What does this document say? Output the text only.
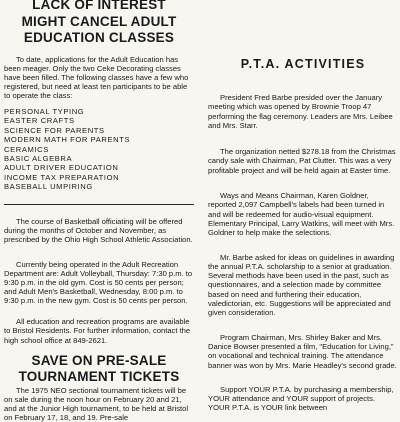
LACK OF INTEREST
MIGHT CANCEL ADULT
EDUCATION CLASSES

To date, applications for the Adult Education has been meager. Only the two Ceke Decorating classes have been filled. The following classes have a few who registered, but need at least ten participants to be able to operate the class:

PERSONAL TYPING
EASTER CRAFTS
SCIENCE FOR PARENTS
MODERN MATH FOR PARENTS
CERAMICS
BASIC ALGEBRA
ADULT DRIVER EDUCATION
INCOME TAX PREPARATION
BASEBALL UMPIRING

The course of Basketball officiating will be offered during the months of October and November, as prescribed by the Ohio High School Athletic Association.

Currently being operated in the Adult Recreation Department are: Adult Volleyball, Thursday: 7:30 p.m. to 9:30 p.m. in the old gym. Cost is 50 cents per person; and Adult Men's Basketball, Wednesday, 8:00 p.m. to 9:30 p.m. in the new gym. Cost is 50 cents per person.

All education and recreation programs are available to Bristol Residents. For further information, contact the high school office at 849-2621.

SAVE ON PRE-SALE
TOURNAMENT TICKETS

The 1975 NEO sectional tournament tickets will be on sale during the noon hour on February 20 and 21, and at the Junior High tournament, to be held at Bristol on February 17, 18, and 19. Pre-sale

P.T.A. ACTIVITIES

President Fred Barbe presided over the January meeting which was opened by Brownie Troop 47 performing the flag ceremony. Leaders are Mrs. Leibee and Mrs. Starr.

The organization netted $278.18 from the Christmas candy sale with Chairman, Pat Clutter. This was a very profitable project and will be held again at Easter time.

Ways and Means Chairman, Karen Goldner, reported 2,097 Campbell's labels had been turned in and will be redeemed for audio-visual equipment. Elementary Principal, Larry Watkins, will meet with Mrs. Goldner to help make the selections.

Mr. Barbe asked for ideas on guidelines in awarding the annual P.T.A. scholarship to a senior at graduation. Several methods have been used in the past, such as questionnaires, and a selection made by committee based on need and furthering their education, valedictorian, etc. Suggestions will be appreciated and given consideration.

Program Chairman, Mrs. Shirley Baker and Mrs. Danice Bowser presented a film, "Education for Living," on vocational and technical training. The attendance banner was won by Mrs. Marie Headley's second grade.

Support YOUR P.T.A. by purchasing a membership, YOUR attendance and YOUR support of projects. YOUR P.T.A. is YOUR link between
